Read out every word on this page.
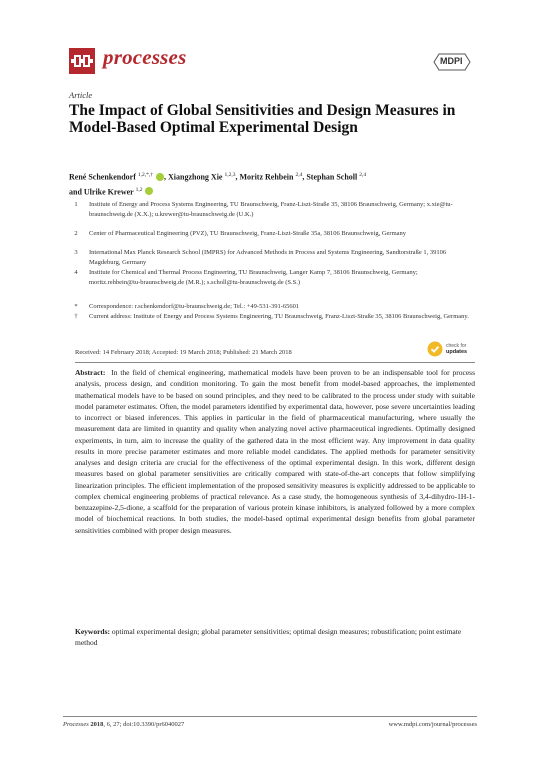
processes	MDPI
Article
The Impact of Global Sensitivities and Design Measures in Model-Based Optimal Experimental Design
René Schenkendorf $^{1,2,*,\dagger}$ , Xiangzhong Xie $^{1,2,3}$, Moritz Rehbein $^{2,4}$, Stephan Scholl $^{2,4}$
and Ulrike Krewer $^{1,2}$
1	Institute of Energy and Process Systems Engineering, TU Braunschweig, Franz-Liszt-Straße 35, 38106 Braunschweig, Germany; x.xie@tu-braunschweig.de (X.X.); u.krewer@tu-braunschweig.de (U.K.)
2	Center of Pharmaceutical Engineering (PVZ), TU Braunschweig, Franz-Liszt-Straße 35a, 38106 Braunschweig, Germany
3	International Max Planck Research School (IMPRS) for Advanced Methods in Process and Systems Engineering, Sandtorstraße 1, 39106 Magdeburg, Germany
4	Institute for Chemical and Thermal Process Engineering, TU Braunschweig, Langer Kamp 7, 38106 Braunschweig, Germany; moritz.rehbein@tu-braunschweig.de (M.R.); s.scholl@tu-braunschweig.de (S.S.)
*	Correspondence: r.schenkendorf@tu-braunschweig.de; Tel.: +49-531-391-65601
†	Current address: Institute of Energy and Process Systems Engineering, TU Braunschweig, Franz-Liszt-Straße 35, 38106 Braunschweig, Germany.
check for
updates
Received: 14 February 2018; Accepted: 19 March 2018; Published: 21 March 2018
Abstract: In the field of chemical engineering, mathematical models have been proven to be an indispensable tool for process analysis, process design, and condition monitoring. To gain the most benefit from model-based approaches, the implemented mathematical models have to be based on sound principles, and they need to be calibrated to the process under study with suitable model parameter estimates. Often, the model parameters identified by experimental data, however, pose severe uncertainties leading to incorrect or biased inferences. This applies in particular in the field of pharmaceutical manufacturing, where usually the measurement data are limited in quantity and quality when analyzing novel active pharmaceutical ingredients. Optimally designed experiments, in turn, aim to increase the quality of the gathered data in the most efficient way. Any improvement in data quality results in more precise parameter estimates and more reliable model candidates. The applied methods for parameter sensitivity analyses and design criteria are crucial for the effectiveness of the optimal experimental design. In this work, different design measures based on global parameter sensitivities are critically compared with state-of-the-art concepts that follow simplifying linearization principles. The efficient implementation of the proposed sensitivity measures is explicitly addressed to be applicable to complex chemical engineering problems of practical relevance. As a case study, the homogeneous synthesis of 3,4-dihydro-1H-1-benzazepine-2,5-dione, a scaffold for the preparation of various protein kinase inhibitors, is analyzed followed by a more complex model of biochemical reactions. In both studies, the model-based optimal experimental design benefits from global parameter sensitivities combined with proper design measures.
Keywords: optimal experimental design; global parameter sensitivities; optimal design measures; robustification; point estimate method
Processes 2018, 6, 27; doi:10.3390/pr6040027	www.mdpi.com/journal/processes
